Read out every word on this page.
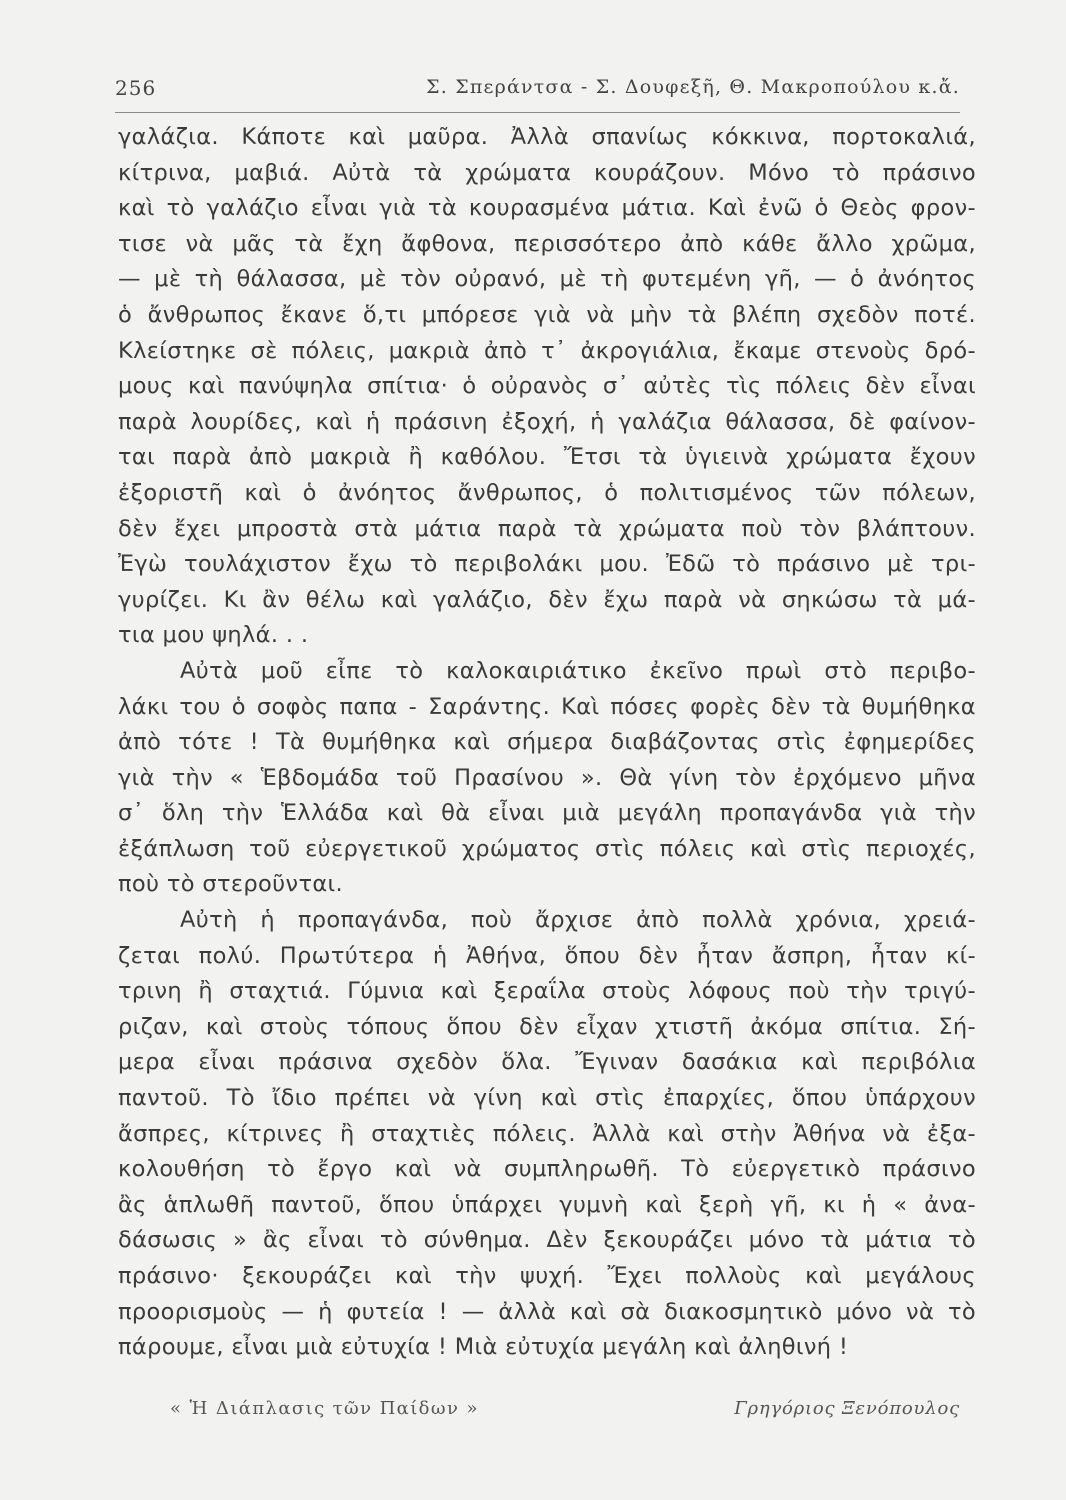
256	Σ. Σπεράντσα - Σ. Δουφεξῆ, Θ. Μακροπούλου κ.ἄ.
γαλάζια. Κάποτε καὶ μαῦρα. Ἀλλὰ σπανίως κόκκινα, πορτοκαλιά,
κίτρινα, μαβιά. Αὐτὰ τὰ χρώματα κουράζουν. Μόνο τὸ πράσινο
καὶ τὸ γαλάζιο εἶναι γιὰ τὰ κουρασμένα μάτια. Καὶ ἐνῶ ὁ Θεὸς φρον-
τισε νὰ μᾶς τὰ ἔχη ἄφθονα, περισσότερο ἀπὸ κάθε ἄλλο χρῶμα,
— μὲ τὴ θάλασσα, μὲ τὸν οὐρανό, μὲ τὴ φυτεμένη γῆ, — ὁ ἀνόητος
ὁ ἄνθρωπος ἔκανε ὅ,τι μπόρεσε γιὰ νὰ μὴν τὰ βλέπη σχεδὸν ποτέ.
Κλείστηκε σὲ πόλεις, μακριὰ ἀπὸ τ᾽ ἀκρογιάλια, ἔκαμε στενοὺς δρό-
μους καὶ πανύψηλα σπίτια· ὁ οὐρανὸς σ᾽ αὐτὲς τὶς πόλεις δὲν εἶναι
παρὰ λουρίδες, καὶ ἡ πράσινη ἐξοχή, ἡ γαλάζια θάλασσα, δὲ φαίνον-
ται παρὰ ἀπὸ μακριὰ ἢ καθόλου. Ἔτσι τὰ ὑγιεινὰ χρώματα ἔχουν
ἐξοριστῆ καὶ ὁ ἀνόητος ἄνθρωπος, ὁ πολιτισμένος τῶν πόλεων,
δὲν ἔχει μπροστὰ στὰ μάτια παρὰ τὰ χρώματα ποὺ τὸν βλάπτουν.
Ἐγὼ τουλάχιστον ἔχω τὸ περιβολάκι μου. Ἐδῶ τὸ πράσινο μὲ τρι-
γυρίζει. Κι ἂν θέλω καὶ γαλάζιο, δὲν ἔχω παρὰ νὰ σηκώσω τὰ μά-
τια μου ψηλά. . .
Αὐτὰ μοῦ εἶπε τὸ καλοκαιριάτικο ἐκεῖνο πρωὶ στὸ περιβο-
λάκι του ὁ σοφὸς παπα - Σαράντης. Καὶ πόσες φορὲς δὲν τὰ θυμήθηκα
ἀπὸ τότε ! Τὰ θυμήθηκα καὶ σήμερα διαβάζοντας στὶς ἐφημερίδες
γιὰ τὴν « Ἑβδομάδα τοῦ Πρασίνου ». Θὰ γίνη τὸν ἐρχόμενο μῆνα
σ᾽ ὅλη τὴν Ἑλλάδα καὶ θὰ εἶναι μιὰ μεγάλη προπαγάνδα γιὰ τὴν
ἐξάπλωση τοῦ εὐεργετικοῦ χρώματος στὶς πόλεις καὶ στὶς περιοχές,
ποὺ τὸ στεροῦνται.
Αὐτὴ ἡ προπαγάνδα, ποὺ ἄρχισε ἀπὸ πολλὰ χρόνια, χρειά-
ζεται πολύ. Πρωτύτερα ἡ Ἀθήνα, ὅπου δὲν ἦταν ἄσπρη, ἦταν κί-
τρινη ἢ σταχτιά. Γύμνια καὶ ξεραΐλα στοὺς λόφους ποὺ τὴν τριγύ-
ριζαν, καὶ στοὺς τόπους ὅπου δὲν εἶχαν χτιστῆ ἀκόμα σπίτια. Σή-
μερα εἶναι πράσινα σχεδὸν ὅλα. Ἔγιναν δασάκια καὶ περιβόλια
παντοῦ. Τὸ ἴδιο πρέπει νὰ γίνη καὶ στὶς ἐπαρχίες, ὅπου ὑπάρχουν
ἄσπρες, κίτρινες ἢ σταχτιὲς πόλεις. Ἀλλὰ καὶ στὴν Ἀθήνα νὰ ἐξα-
κολουθήση τὸ ἔργο καὶ νὰ συμπληρωθῆ. Τὸ εὐεργετικὸ πράσινο
ἂς ἁπλωθῆ παντοῦ, ὅπου ὑπάρχει γυμνὴ καὶ ξερὴ γῆ, κι ἡ « ἀνα-
δάσωσις » ἂς εἶναι τὸ σύνθημα. Δὲν ξεκουράζει μόνο τὰ μάτια τὸ
πράσινο· ξεκουράζει καὶ τὴν ψυχή. Ἔχει πολλοὺς καὶ μεγάλους
προορισμοὺς — ἡ φυτεία ! — ἀλλὰ καὶ σὰ διακοσμητικὸ μόνο νὰ τὸ
πάρουμε, εἶναι μιὰ εὐτυχία ! Μιὰ εὐτυχία μεγάλη καὶ ἀληθινή !
« Ἡ Διάπλασις τῶν Παίδων »	Γρηγόριος Ξενόπουλος
